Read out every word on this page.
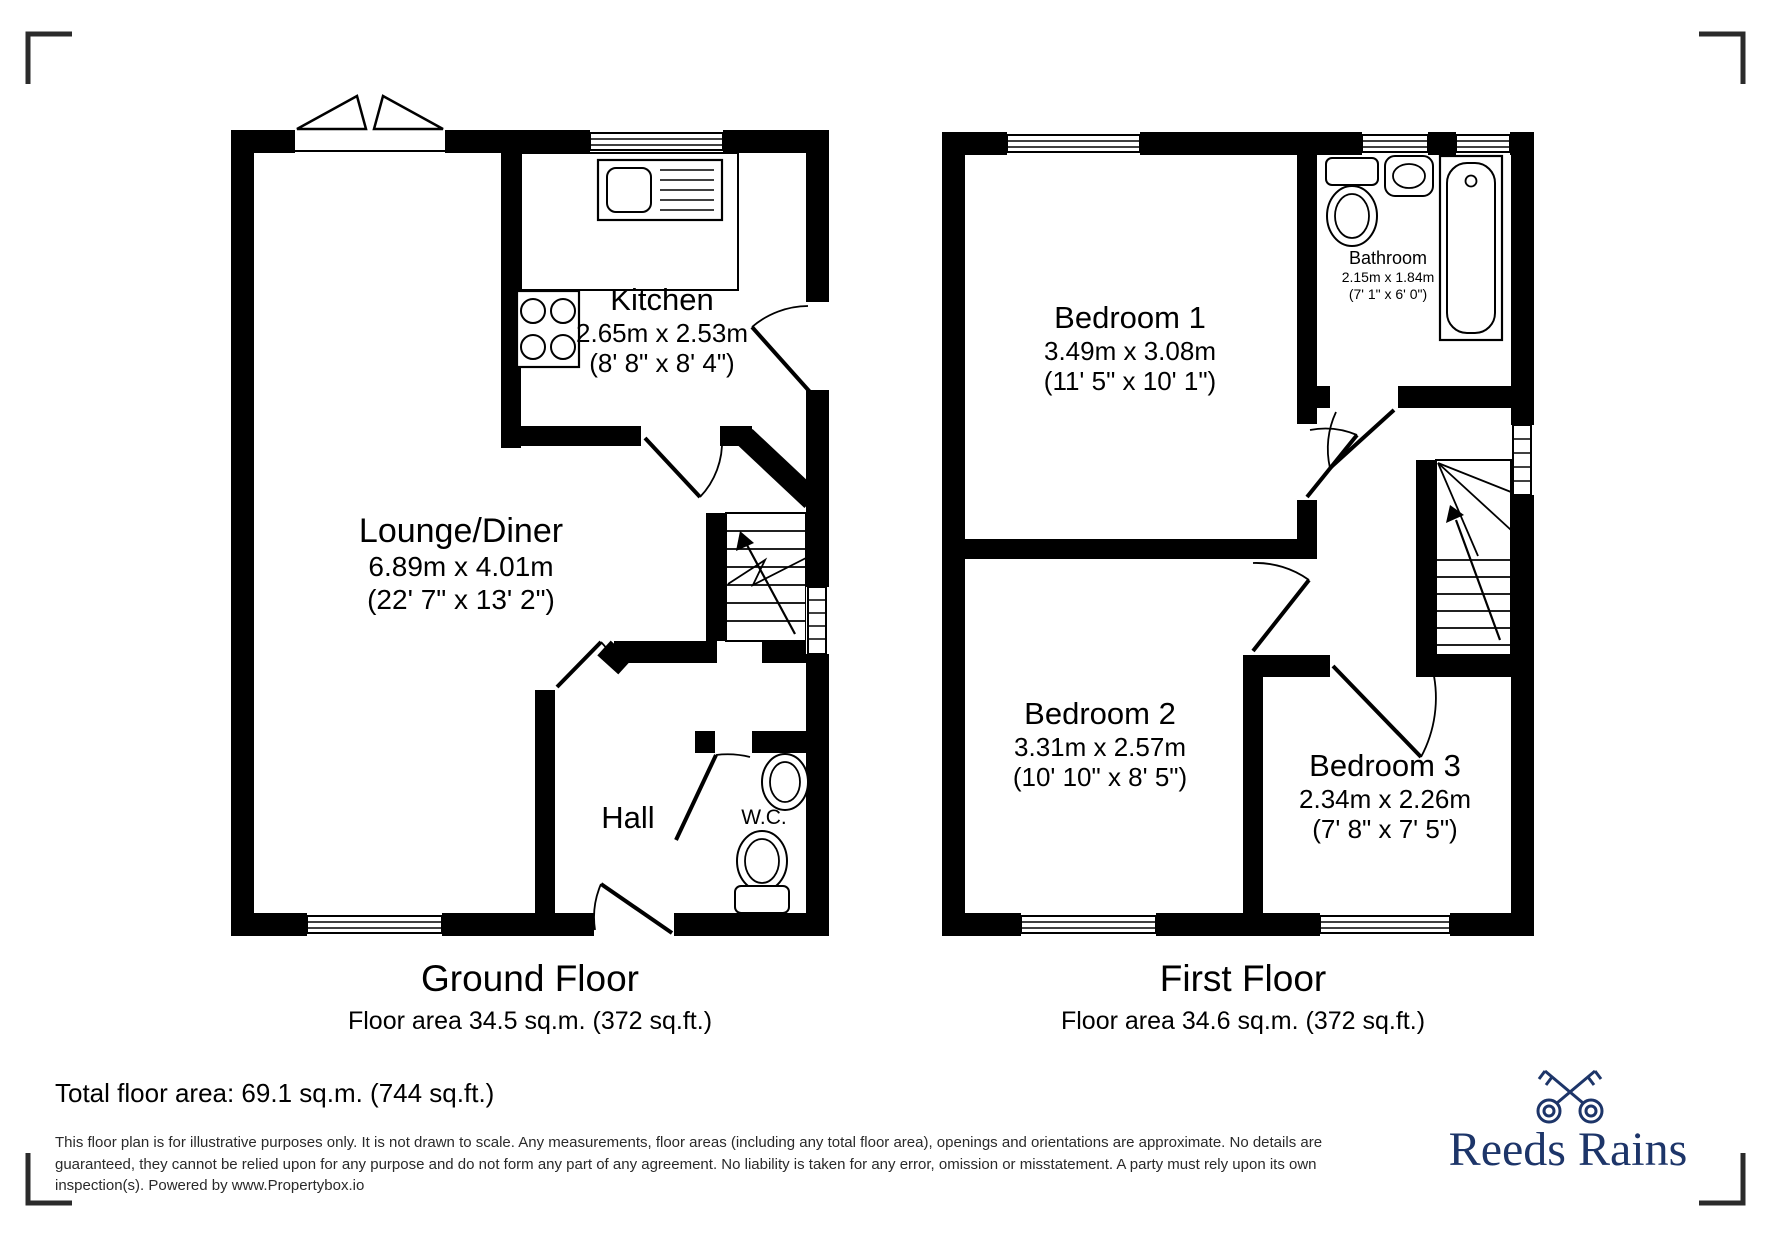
Lounge/Diner
6.89m x 4.01m
(22' 7" x 13' 2")
Kitchen
2.65m x 2.53m
(8' 8" x 8' 4")
Hall	W.C.
Bedroom 1
3.49m x 3.08m
(11' 5" x 10' 1")
Bathroom
2.15m x 1.84m
(7' 1" x 6' 0")
Bedroom 2
3.31m x 2.57m
(10' 10" x 8' 5")	Bedroom 3
2.34m x 2.26m
(7' 8" x 7' 5")
Ground Floor
Floor area 34.5 sq.m. (372 sq.ft.)
First Floor
Floor area 34.6 sq.m. (372 sq.ft.)
Total floor area: 69.1 sq.m. (744 sq.ft.)
This floor plan is for illustrative purposes only. It is not drawn to scale. Any measurements, floor areas (including any total floor area), openings and orientations are approximate. No details are guaranteed, they cannot be relied upon for any purpose and do not form any part of any agreement. No liability is taken for any error, omission or misstatement. A party must rely upon its own inspection(s). Powered by www.Propertybox.io
Reeds Rains
